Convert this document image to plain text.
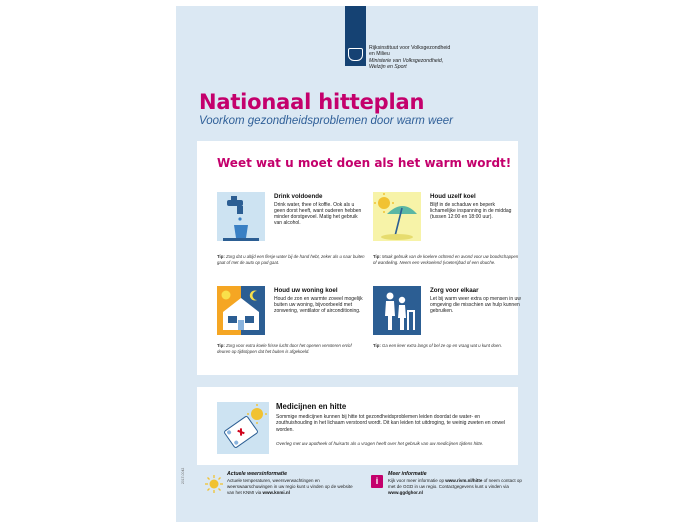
Rijksinstituut voor Volksgezondheid
en Milieu
Ministerie van Volksgezondheid,
Welzijn en Sport
Nationaal hitteplan
Voorkom gezondheidsproblemen door warm weer
Weet wat u moet doen als het warm wordt!
Drink voldoende
Drink water, thee of koffie. Ook als u geen dorst heeft, want ouderen hebben minder dorstgevoel. Matig het gebruik van alcohol.
Tip: Zorg dat u altijd een flesje water bij de hand hebt, zeker als u naar buiten gaat of met de auto op pad gaat.
Houd uzelf koel
Blijf in de schaduw en beperk lichamelijke inspanning in de middag (tussen 12:00 en 18:00 uur).
Tip: Maak gebruik van de koelere ochtend en avond voor uw boodschappen of wandeling. Neem een verkoelend (voeten)bad of een douche.
Houd uw woning koel
Houd de zon en warmte zoveel mogelijk buiten uw woning, bijvoorbeeld met zonwering, ventilator of airconditioning.
Tip: Zorg voor extra koele frisse lucht door het openen vensteren en/of deuren op tijdstippen dat het buiten is afgekoeld.
Zorg voor elkaar
Let bij warm weer extra op mensen in uw omgeving die misschien uw hulp kunnen gebruiken.
Tip: Ga een keer extra langs of bel ze op en vraag wat u kunt doen.
Medicijnen en hitte
Sommige medicijnen kunnen bij hitte tot gezondheidsproblemen leiden doordat de water- en zouthuishouding in het lichaam verstoord wordt. Dit kan leiden tot uitdroging, te weinig zweten en onwel worden.
Overleg met uw apotheek of huisarts als u vragen heeft over het gebruik van uw medicijnen tijdens hitte.
Actuele weersinformatie
Actuele temperaturen, weersverwachtingen en weerswaarschuwingen in uw regio kunt u vinden op de website van het KNMI via www.knmi.nl
i
Meer informatie
Kijk voor meer informatie op www.rivm.nl/hitte of neem contact op met de GGD in uw regio. Contactgegevens kunt u vinden via www.ggdghor.nl
2017-0042
